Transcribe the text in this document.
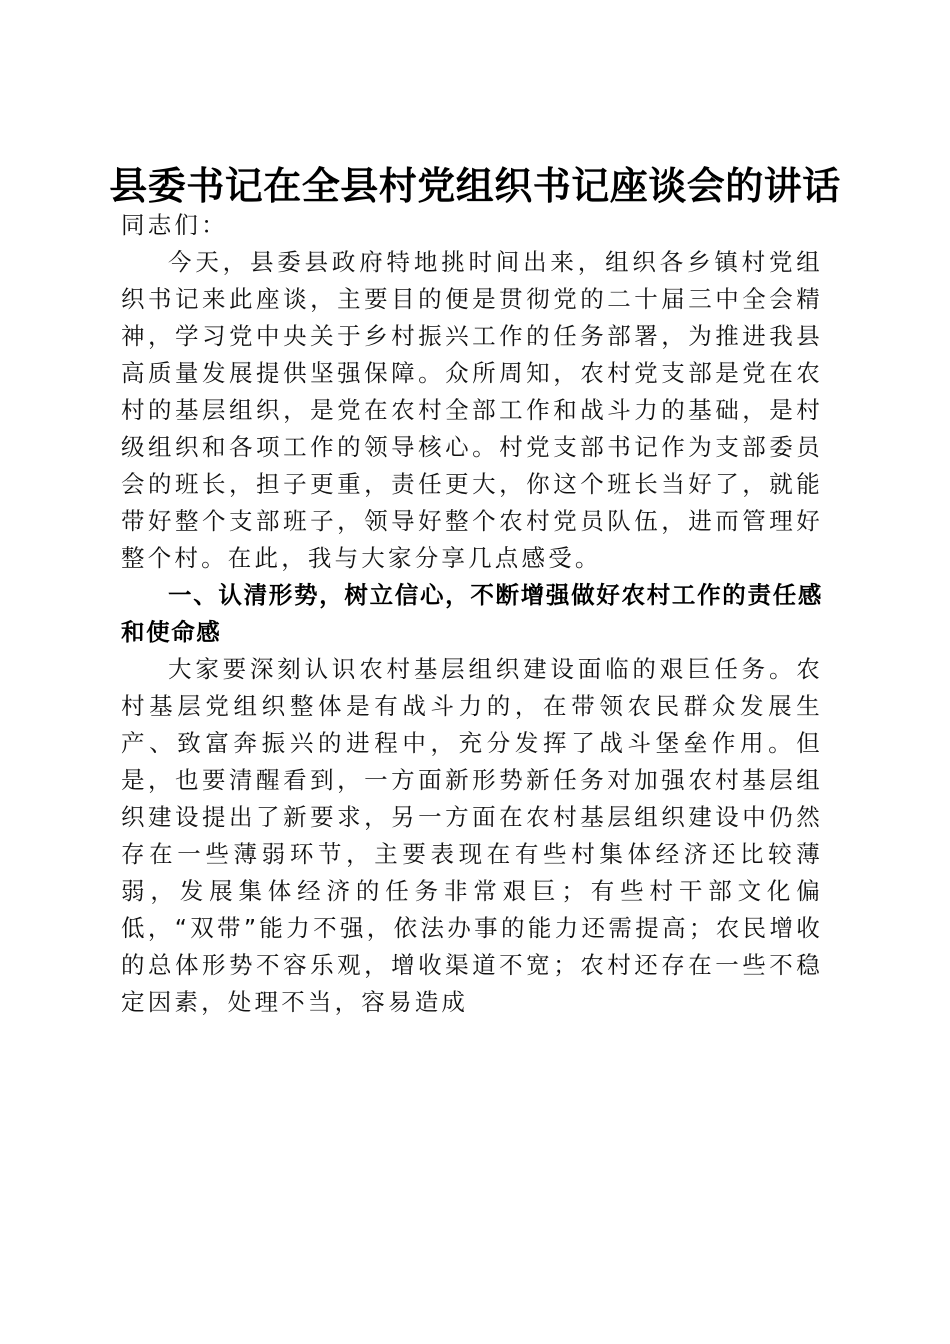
县委书记在全县村党组织书记座谈会的讲话

同志们：

今天，县委县政府特地挑时间出来，组织各乡镇村党组织书记来此座谈，主要目的便是贯彻党的二十届三中全会精神，学习党中央关于乡村振兴工作的任务部署，为推进我县高质量发展提供坚强保障。众所周知，农村党支部是党在农村的基层组织，是党在农村全部工作和战斗力的基础，是村级组织和各项工作的领导核心。村党支部书记作为支部委员会的班长，担子更重，责任更大，你这个班长当好了，就能带好整个支部班子，领导好整个农村党员队伍，进而管理好整个村。在此，我与大家分享几点感受。

一、认清形势，树立信心，不断增强做好农村工作的责任感和使命感

大家要深刻认识农村基层组织建设面临的艰巨任务。农村基层党组织整体是有战斗力的，在带领农民群众发展生产、致富奔振兴的进程中，充分发挥了战斗堡垒作用。但是，也要清醒看到，一方面新形势新任务对加强农村基层组织建设提出了新要求，另一方面在农村基层组织建设中仍然存在一些薄弱环节，主要表现在有些村集体经济还比较薄弱，发展集体经济的任务非常艰巨；有些村干部文化偏低，“双带”能力不强，依法办事的能力还需提高；农民增收的总体形势不容乐观，增收渠道不宽；农村还存在一些不稳定因素，处理不当，容易造成
